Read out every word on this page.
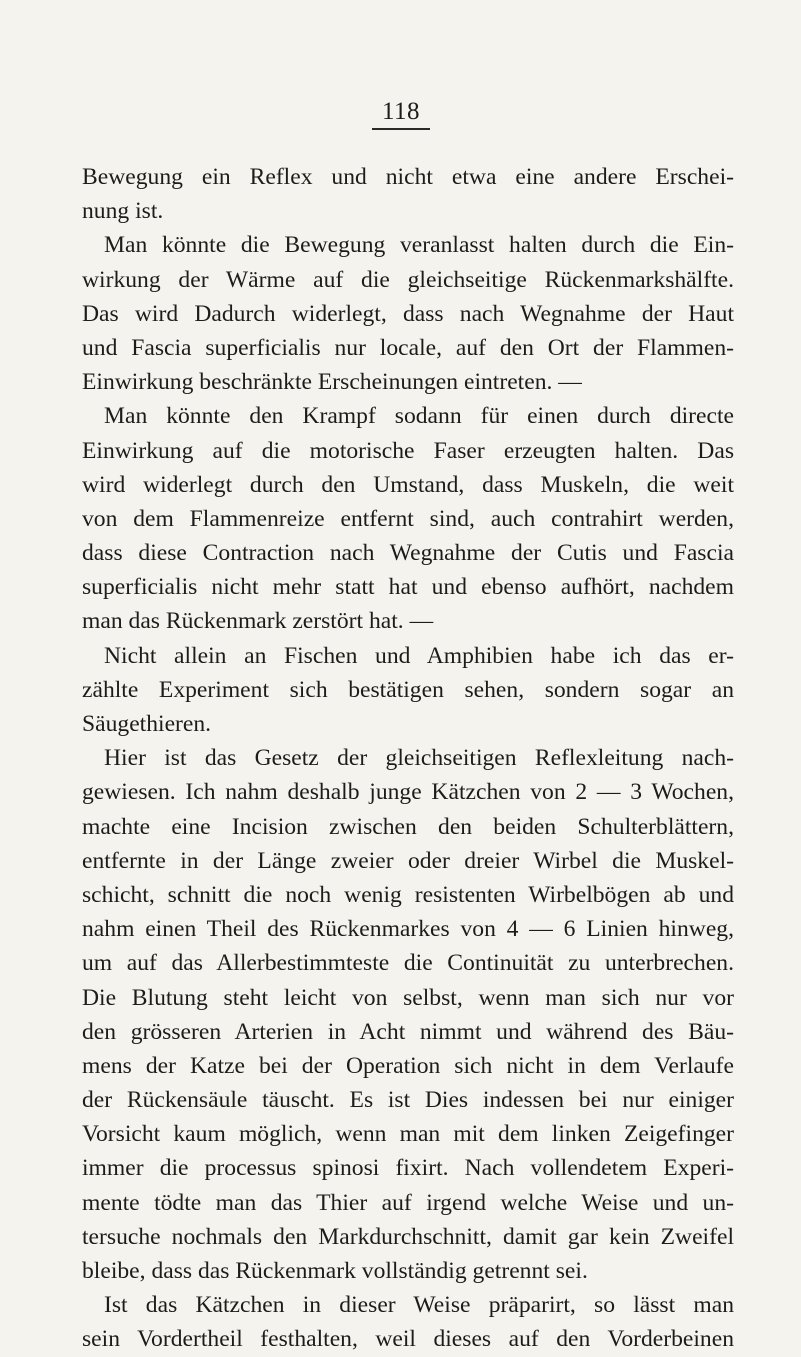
118
Bewegung ein Reflex und nicht etwa eine andere Erschei-
nung ist.
Man könnte die Bewegung veranlasst halten durch die Ein-
wirkung der Wärme auf die gleichseitige Rückenmarkshälfte.
Das wird Dadurch widerlegt, dass nach Wegnahme der Haut
und Fascia superficialis nur locale, auf den Ort der Flammen-
Einwirkung beschränkte Erscheinungen eintreten. —
Man könnte den Krampf sodann für einen durch directe
Einwirkung auf die motorische Faser erzeugten halten. Das
wird widerlegt durch den Umstand, dass Muskeln, die weit
von dem Flammenreize entfernt sind, auch contrahirt werden,
dass diese Contraction nach Wegnahme der Cutis und Fascia
superficialis nicht mehr statt hat und ebenso aufhört, nachdem
man das Rückenmark zerstört hat. —
Nicht allein an Fischen und Amphibien habe ich das er-
zählte Experiment sich bestätigen sehen, sondern sogar an
Säugethieren.
Hier ist das Gesetz der gleichseitigen Reflexleitung nach-
gewiesen. Ich nahm deshalb junge Kätzchen von 2 — 3 Wochen,
machte eine Incision zwischen den beiden Schulterblättern,
entfernte in der Länge zweier oder dreier Wirbel die Muskel-
schicht, schnitt die noch wenig resistenten Wirbelbögen ab und
nahm einen Theil des Rückenmarkes von 4 — 6 Linien hinweg,
um auf das Allerbestimmteste die Continuität zu unterbrechen.
Die Blutung steht leicht von selbst, wenn man sich nur vor
den grösseren Arterien in Acht nimmt und während des Bäu-
mens der Katze bei der Operation sich nicht in dem Verlaufe
der Rückensäule täuscht. Es ist Dies indessen bei nur einiger
Vorsicht kaum möglich, wenn man mit dem linken Zeigefinger
immer die processus spinosi fixirt. Nach vollendetem Experi-
mente tödte man das Thier auf irgend welche Weise und un-
tersuche nochmals den Markdurchschnitt, damit gar kein Zweifel
bleibe, dass das Rückenmark vollständig getrennt sei.
Ist das Kätzchen in dieser Weise präparirt, so lässt man
sein Vordertheil festhalten, weil dieses auf den Vorderbeinen
